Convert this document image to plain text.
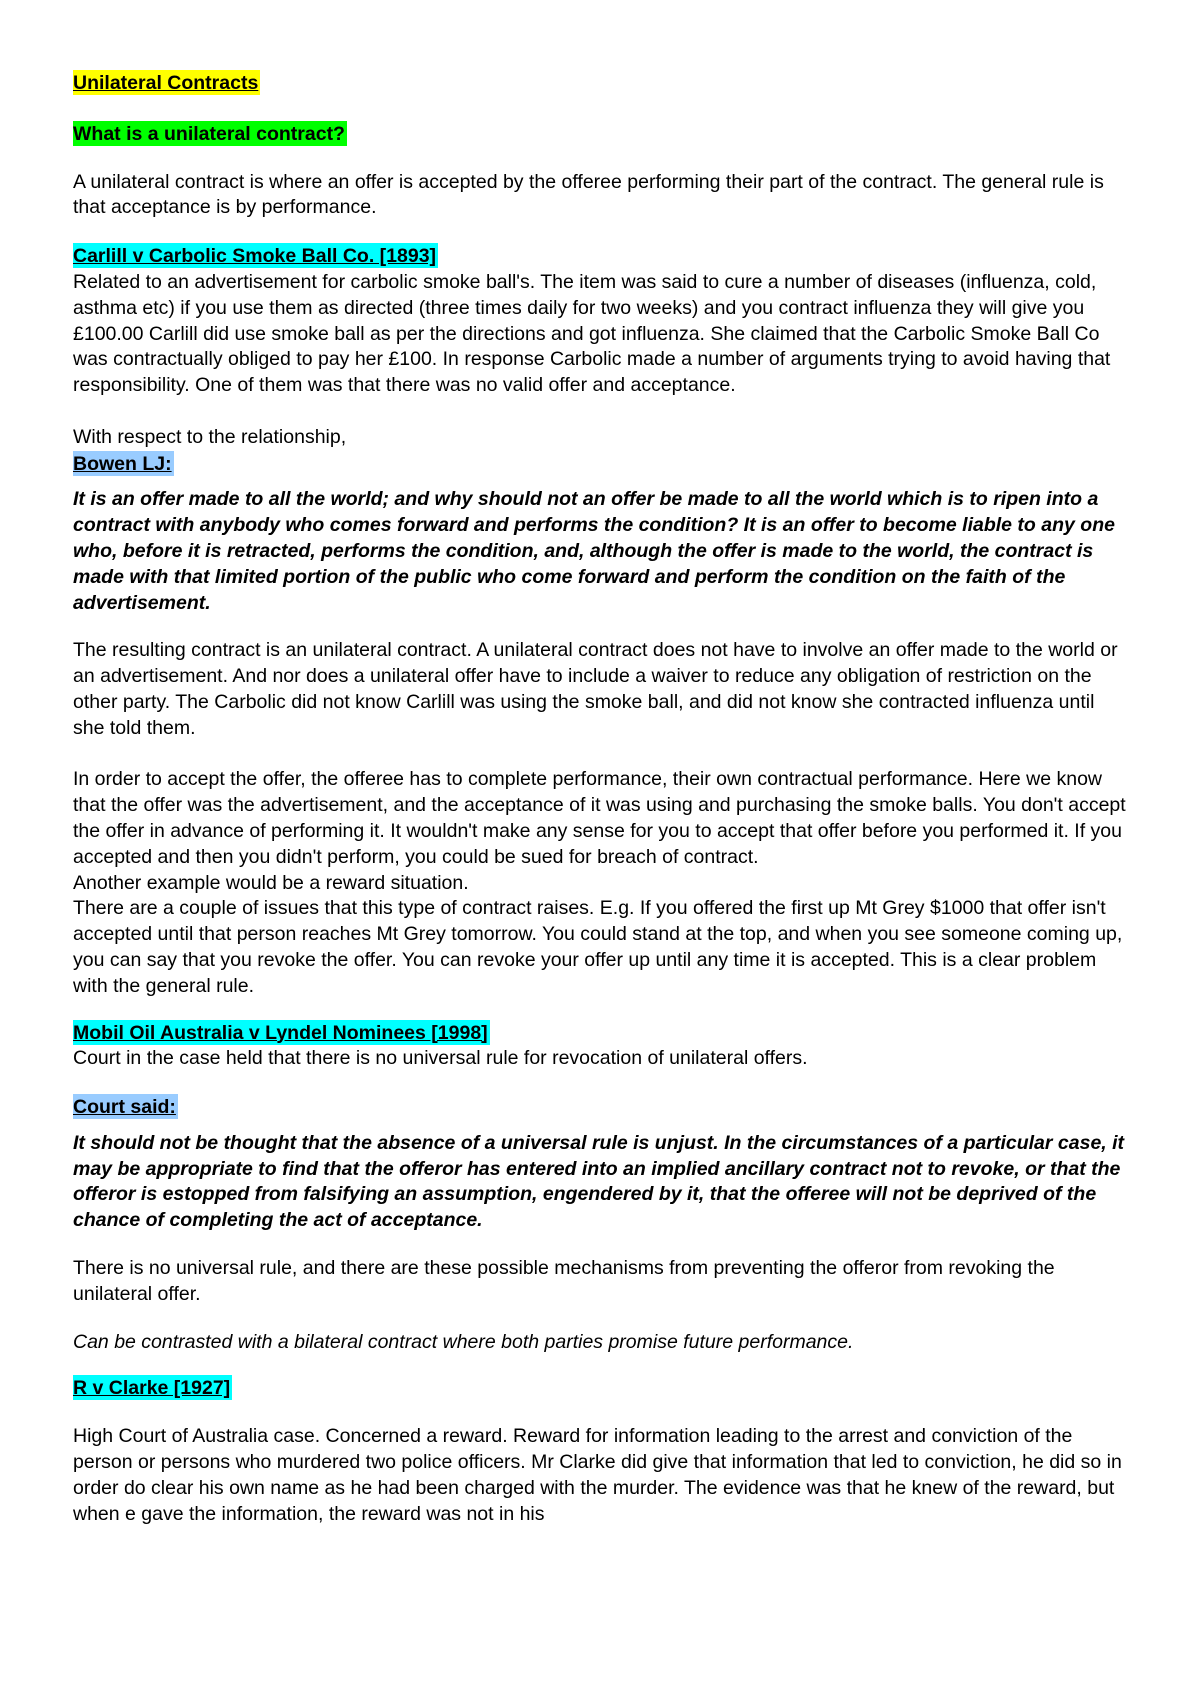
Unilateral Contracts

What is a unilateral contract?

A unilateral contract is where an offer is accepted by the offeree performing their part of the contract. The general rule is that acceptance is by performance.

Carlill v Carbolic Smoke Ball Co. [1893]

Related to an advertisement for carbolic smoke ball's. The item was said to cure a number of diseases (influenza, cold, asthma etc) if you use them as directed (three times daily for two weeks) and you contract influenza they will give you £100.00 Carlill did use smoke ball as per the directions and got influenza. She claimed that the Carbolic Smoke Ball Co was contractually obliged to pay her £100. In response Carbolic made a number of arguments trying to avoid having that responsibility. One of them was that there was no valid offer and acceptance.

With respect to the relationship,

Bowen LJ:

It is an offer made to all the world; and why should not an offer be made to all the world which is to ripen into a contract with anybody who comes forward and performs the condition? It is an offer to become liable to any one who, before it is retracted, performs the condition, and, although the offer is made to the world, the contract is made with that limited portion of the public who come forward and perform the condition on the faith of the advertisement.

The resulting contract is an unilateral contract. A unilateral contract does not have to involve an offer made to the world or an advertisement. And nor does a unilateral offer have to include a waiver to reduce any obligation of restriction on the other party. The Carbolic did not know Carlill was using the smoke ball, and did not know she contracted influenza until she told them.

In order to accept the offer, the offeree has to complete performance, their own contractual performance. Here we know that the offer was the advertisement, and the acceptance of it was using and purchasing the smoke balls. You don't accept the offer in advance of performing it. It wouldn't make any sense for you to accept that offer before you performed it. If you accepted and then you didn't perform, you could be sued for breach of contract.

Another example would be a reward situation.

There are a couple of issues that this type of contract raises. E.g. If you offered the first up Mt Grey $1000 that offer isn't accepted until that person reaches Mt Grey tomorrow. You could stand at the top, and when you see someone coming up, you can say that you revoke the offer. You can revoke your offer up until any time it is accepted. This is a clear problem with the general rule.

Mobil Oil Australia v Lyndel Nominees [1998]

Court in the case held that there is no universal rule for revocation of unilateral offers.

Court said:

It should not be thought that the absence of a universal rule is unjust. In the circumstances of a particular case, it may be appropriate to find that the offeror has entered into an implied ancillary contract not to revoke, or that the offeror is estopped from falsifying an assumption, engendered by it, that the offeree will not be deprived of the chance of completing the act of acceptance.

There is no universal rule, and there are these possible mechanisms from preventing the offeror from revoking the unilateral offer.

Can be contrasted with a bilateral contract where both parties promise future performance.

R v Clarke [1927]

High Court of Australia case. Concerned a reward. Reward for information leading to the arrest and conviction of the person or persons who murdered two police officers. Mr Clarke did give that information that led to conviction, he did so in order do clear his own name as he had been charged with the murder. The evidence was that he knew of the reward, but when e gave the information, the reward was not in his
